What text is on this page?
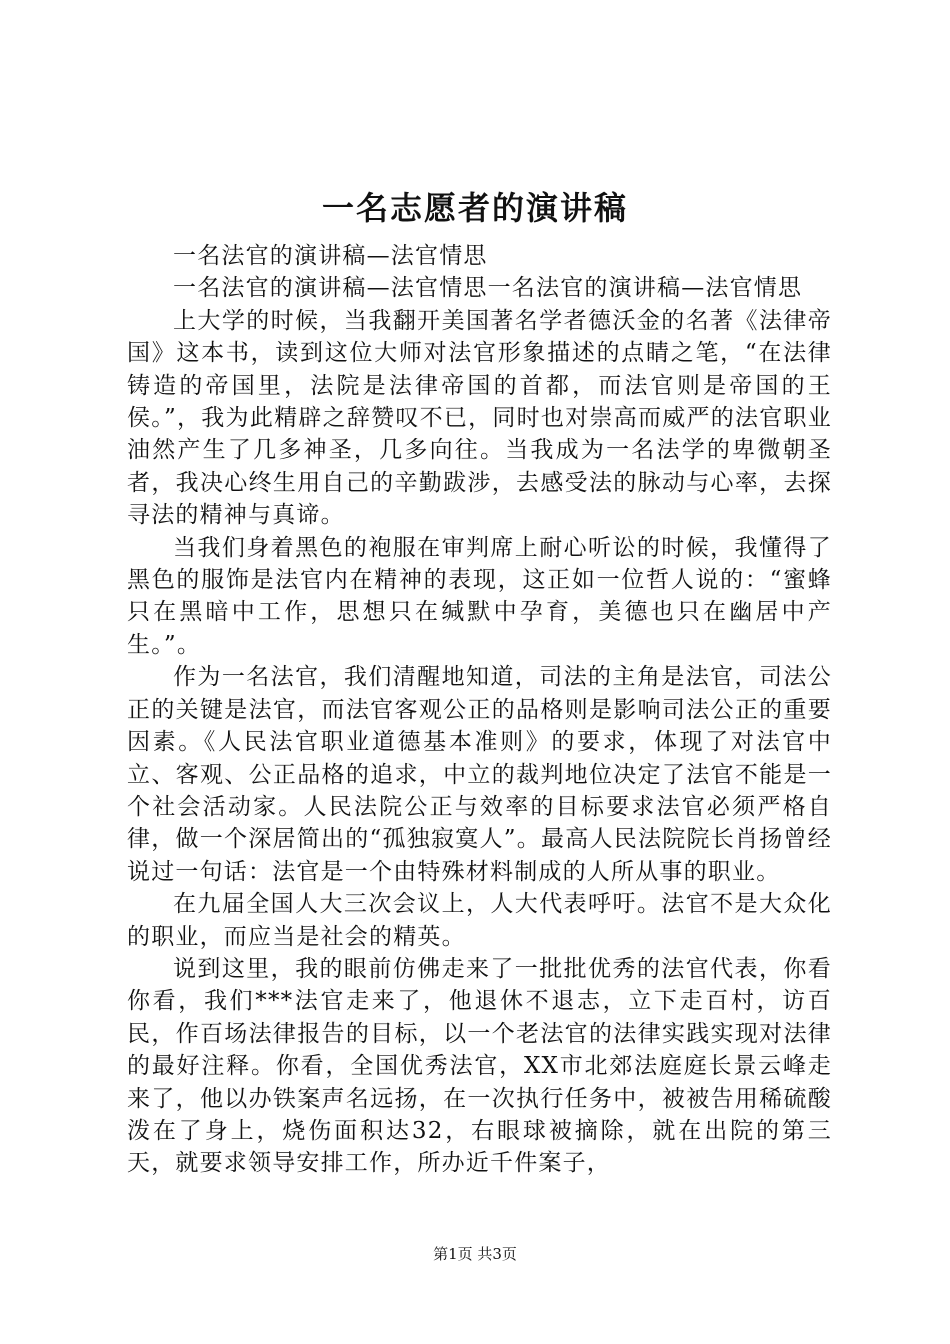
一名志愿者的演讲稿

一名法官的演讲稿—法官情思

一名法官的演讲稿—法官情思一名法官的演讲稿—法官情思

上大学的时候，当我翻开美国著名学者德沃金的名著《法律帝国》这本书，读到这位大师对法官形象描述的点睛之笔，“在法律铸造的帝国里，法院是法律帝国的首都，而法官则是帝国的王侯。”，我为此精辟之辞赞叹不已，同时也对崇高而威严的法官职业油然产生了几多神圣，几多向往。当我成为一名法学的卑微朝圣者，我决心终生用自己的辛勤跋涉，去感受法的脉动与心率，去探寻法的精神与真谛。

当我们身着黑色的袍服在审判席上耐心听讼的时候，我懂得了黑色的服饰是法官内在精神的表现，这正如一位哲人说的：“蜜蜂只在黑暗中工作，思想只在缄默中孕育，美德也只在幽居中产生。”。

作为一名法官，我们清醒地知道，司法的主角是法官，司法公正的关键是法官，而法官客观公正的品格则是影响司法公正的重要因素。《人民法官职业道德基本准则》的要求，体现了对法官中立、客观、公正品格的追求，中立的裁判地位决定了法官不能是一个社会活动家。人民法院公正与效率的目标要求法官必须严格自律，做一个深居简出的“孤独寂寞人”。最高人民法院院长肖扬曾经说过一句话：法官是一个由特殊材料制成的人所从事的职业。

在九届全国人大三次会议上，人大代表呼吁。法官不是大众化的职业，而应当是社会的精英。

说到这里，我的眼前仿佛走来了一批批优秀的法官代表，你看你看，我们***法官走来了，他退休不退志，立下走百村，访百民，作百场法律报告的目标，以一个老法官的法律实践实现对法律的最好注释。你看，全国优秀法官，XX市北郊法庭庭长景云峰走来了，他以办铁案声名远扬，在一次执行任务中，被被告用稀硫酸泼在了身上，烧伤面积达32，右眼球被摘除，就在出院的第三天，就要求领导安排工作，所办近千件案子，

第1页 共3页
